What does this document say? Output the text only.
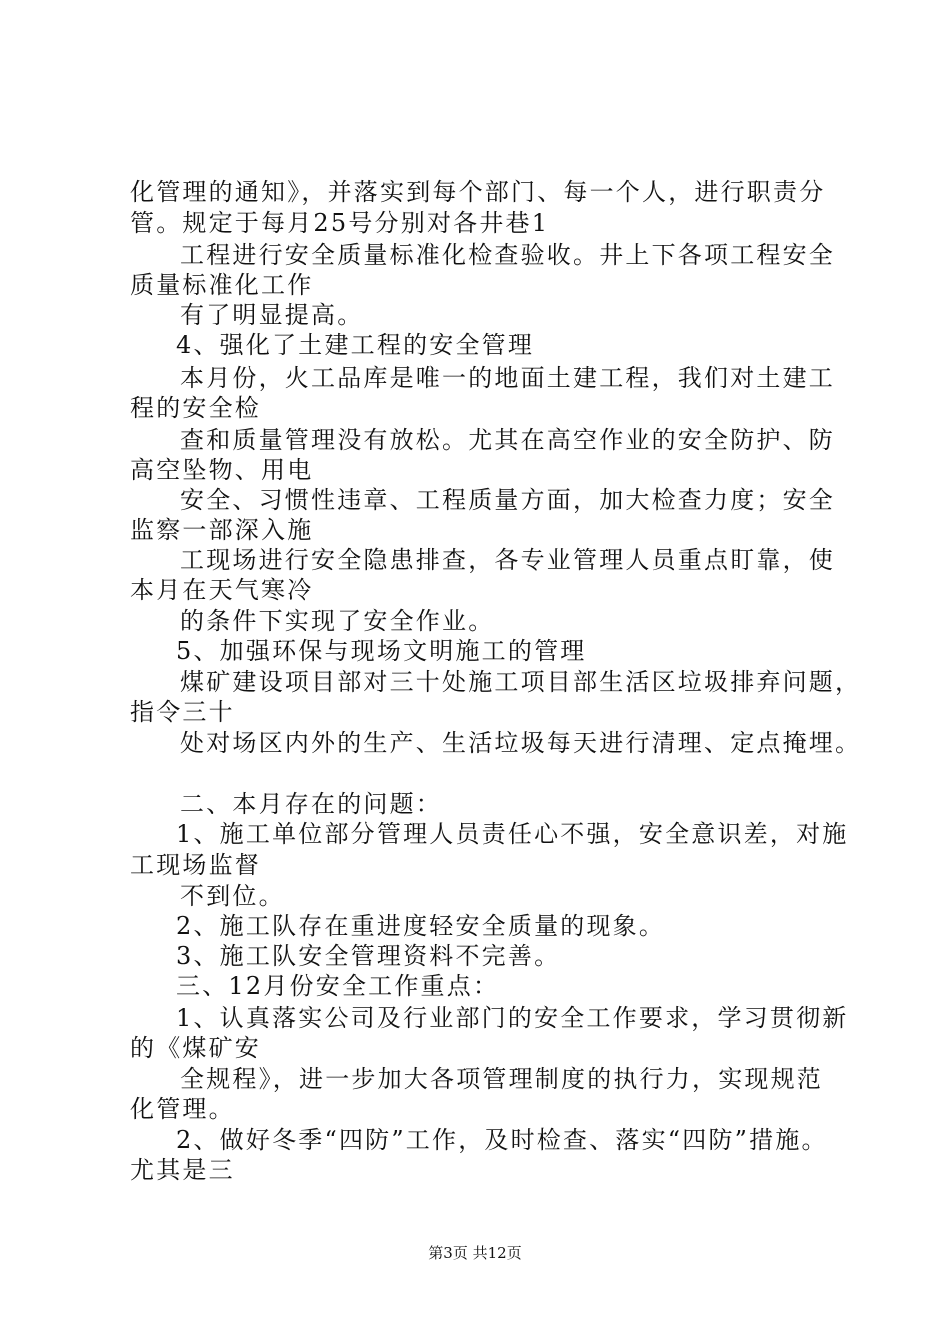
化管理的通知》，并落实到每个部门、每一个人，进行职责分
管。规定于每月25号分别对各井巷1
工程进行安全质量标准化检查验收。井上下各项工程安全
质量标准化工作
有了明显提高。
4、强化了土建工程的安全管理
本月份，火工品库是唯一的地面土建工程，我们对土建工
程的安全检
查和质量管理没有放松。尤其在高空作业的安全防护、防
高空坠物、用电
安全、习惯性违章、工程质量方面，加大检查力度；安全
监察一部深入施
工现场进行安全隐患排查，各专业管理人员重点盯靠，使
本月在天气寒冷
的条件下实现了安全作业。
5、加强环保与现场文明施工的管理
煤矿建设项目部对三十处施工项目部生活区垃圾排弃问题，
指令三十
处对场区内外的生产、生活垃圾每天进行清理、定点掩埋。
二、本月存在的问题：
1、施工单位部分管理人员责任心不强，安全意识差，对施
工现场监督
不到位。
2、施工队存在重进度轻安全质量的现象。
3、施工队安全管理资料不完善。
三、12月份安全工作重点：
1、认真落实公司及行业部门的安全工作要求，学习贯彻新
的《煤矿安
全规程》，进一步加大各项管理制度的执行力，实现规范
化管理。
2、做好冬季“四防”工作，及时检查、落实“四防”措施。
尤其是三
第3页 共12页
